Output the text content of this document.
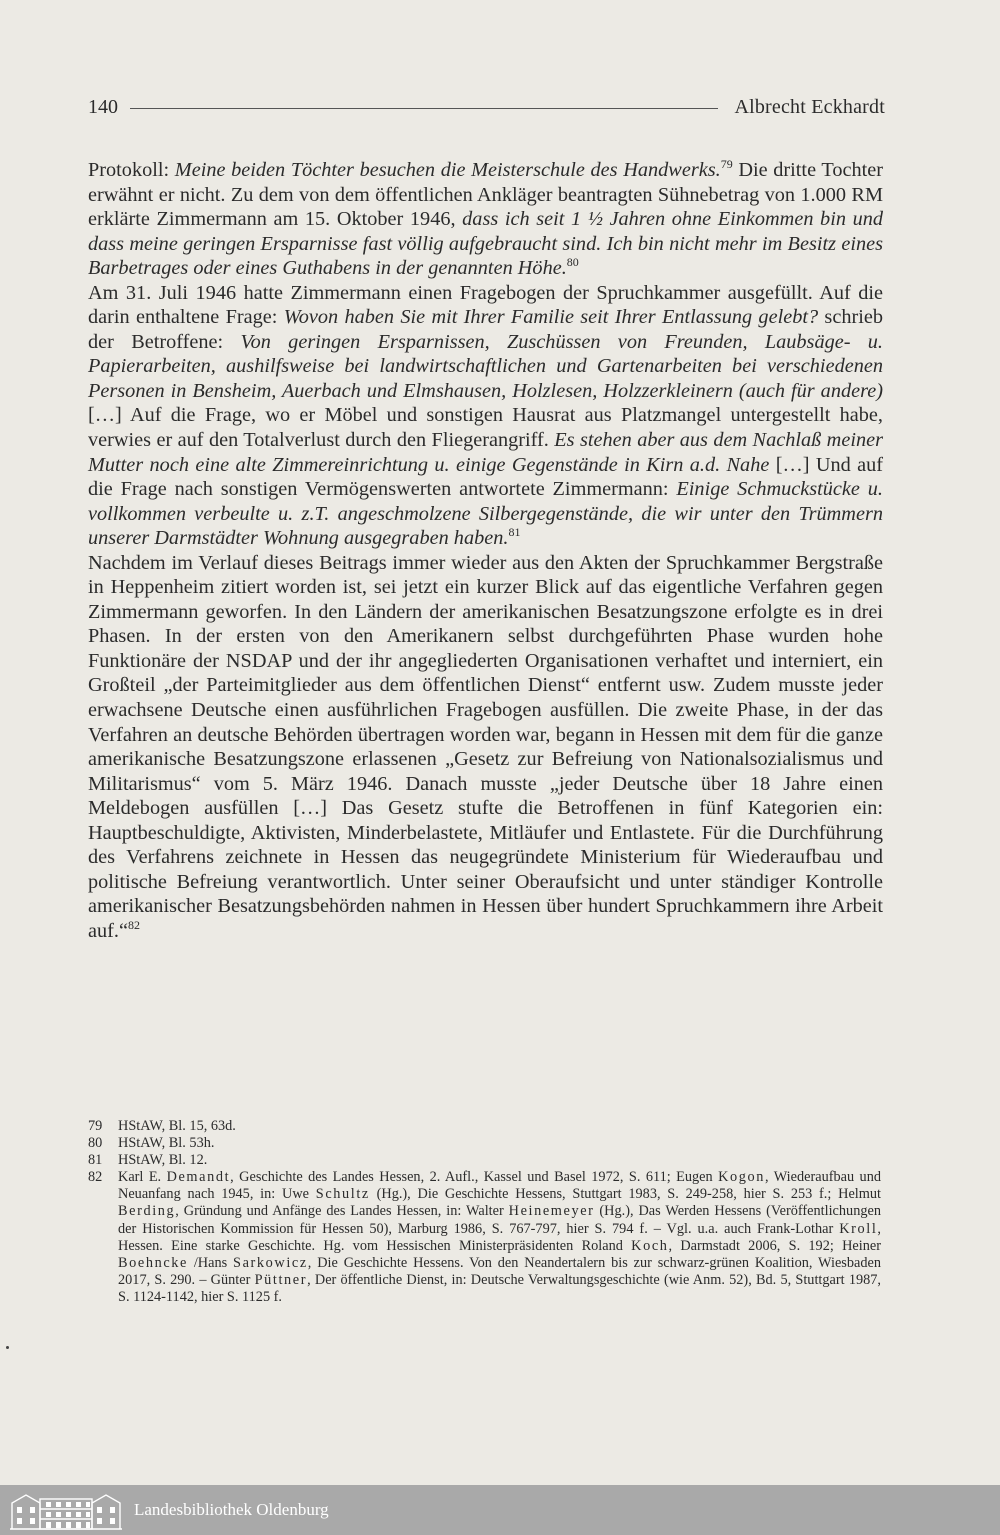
140	Albrecht Eckhardt

Protokoll: Meine beiden Töchter besuchen die Meisterschule des Handwerks.$^{79}$ Die dritte Tochter erwähnt er nicht. Zu dem von dem öffentlichen Ankläger beantragten Sühnebetrag von 1.000 RM erklärte Zimmermann am 15. Oktober 1946, dass ich seit 1 ½ Jahren ohne Einkommen bin und dass meine geringen Ersparnisse fast völlig aufgebraucht sind. Ich bin nicht mehr im Besitz eines Barbetrages oder eines Guthabens in der genannten Höhe.$^{80}$

Am 31. Juli 1946 hatte Zimmermann einen Fragebogen der Spruchkammer ausgefüllt. Auf die darin enthaltene Frage: Wovon haben Sie mit Ihrer Familie seit Ihrer Entlassung gelebt? schrieb der Betroffene: Von geringen Ersparnissen, Zuschüssen von Freunden, Laubsäge- u. Papierarbeiten, aushilfsweise bei landwirtschaftlichen und Gartenarbeiten bei verschiedenen Personen in Bensheim, Auerbach und Elmshausen, Holzlesen, Holzzerkleinern (auch für andere) […] Auf die Frage, wo er Möbel und sonstigen Hausrat aus Platzmangel untergestellt habe, verwies er auf den Totalverlust durch den Fliegerangriff. Es stehen aber aus dem Nachlaß meiner Mutter noch eine alte Zimmereinrichtung u. einige Gegenstände in Kirn a.d. Nahe […] Und auf die Frage nach sonstigen Vermögenswerten antwortete Zimmermann: Einige Schmuckstücke u. vollkommen verbeulte u. z.T. angeschmolzene Silbergegenstände, die wir unter den Trümmern unserer Darmstädter Wohnung ausgegraben haben.$^{81}$

Nachdem im Verlauf dieses Beitrags immer wieder aus den Akten der Spruchkammer Bergstraße in Heppenheim zitiert worden ist, sei jetzt ein kurzer Blick auf das eigentliche Verfahren gegen Zimmermann geworfen. In den Ländern der amerikanischen Besatzungszone erfolgte es in drei Phasen. In der ersten von den Amerikanern selbst durchgeführten Phase wurden hohe Funktionäre der NSDAP und der ihr angegliederten Organisationen verhaftet und interniert, ein Großteil „der Parteimitglieder aus dem öffentlichen Dienst“ entfernt usw. Zudem musste jeder erwachsene Deutsche einen ausführlichen Fragebogen ausfüllen. Die zweite Phase, in der das Verfahren an deutsche Behörden übertragen worden war, begann in Hessen mit dem für die ganze amerikanische Besatzungszone erlassenen „Gesetz zur Befreiung von Nationalsozialismus und Militarismus“ vom 5. März 1946. Danach musste „jeder Deutsche über 18 Jahre einen Meldebogen ausfüllen […] Das Gesetz stufte die Betroffenen in fünf Kategorien ein: Hauptbeschuldigte, Aktivisten, Minderbelastete, Mitläufer und Entlastete. Für die Durchführung des Verfahrens zeichnete in Hessen das neugegründete Ministerium für Wiederaufbau und politische Befreiung verantwortlich. Unter seiner Oberaufsicht und unter ständiger Kontrolle amerikanischer Besatzungsbehörden nahmen in Hessen über hundert Spruchkammern ihre Arbeit auf.“$^{82}$

79	HStAW, Bl. 15, 63d.

80	HStAW, Bl. 53h.

81	HStAW, Bl. 12.

82	Karl E. Demandt, Geschichte des Landes Hessen, 2. Aufl., Kassel und Basel 1972, S. 611; Eugen Kogon, Wiederaufbau und Neuanfang nach 1945, in: Uwe Schultz (Hg.), Die Geschichte Hessens, Stuttgart 1983, S. 249-258, hier S. 253 f.; Helmut Berding, Gründung und Anfänge des Landes Hessen, in: Walter Heinemeyer (Hg.), Das Werden Hessens (Veröffentlichungen der Historischen Kommission für Hessen 50), Marburg 1986, S. 767-797, hier S. 794 f. – Vgl. u.a. auch Frank-Lothar Kroll, Hessen. Eine starke Geschichte. Hg. vom Hessischen Ministerpräsidenten Roland Koch, Darmstadt 2006, S. 192; Heiner Boehncke /Hans Sarkowicz, Die Geschichte Hessens. Von den Neandertalern bis zur schwarz-grünen Koalition, Wiesbaden 2017, S. 290. – Günter Püttner, Der öffentliche Dienst, in: Deutsche Verwaltungsgeschichte (wie Anm. 52), Bd. 5, Stuttgart 1987, S. 1124-1142, hier S. 1125 f.

Landesbibliothek Oldenburg
